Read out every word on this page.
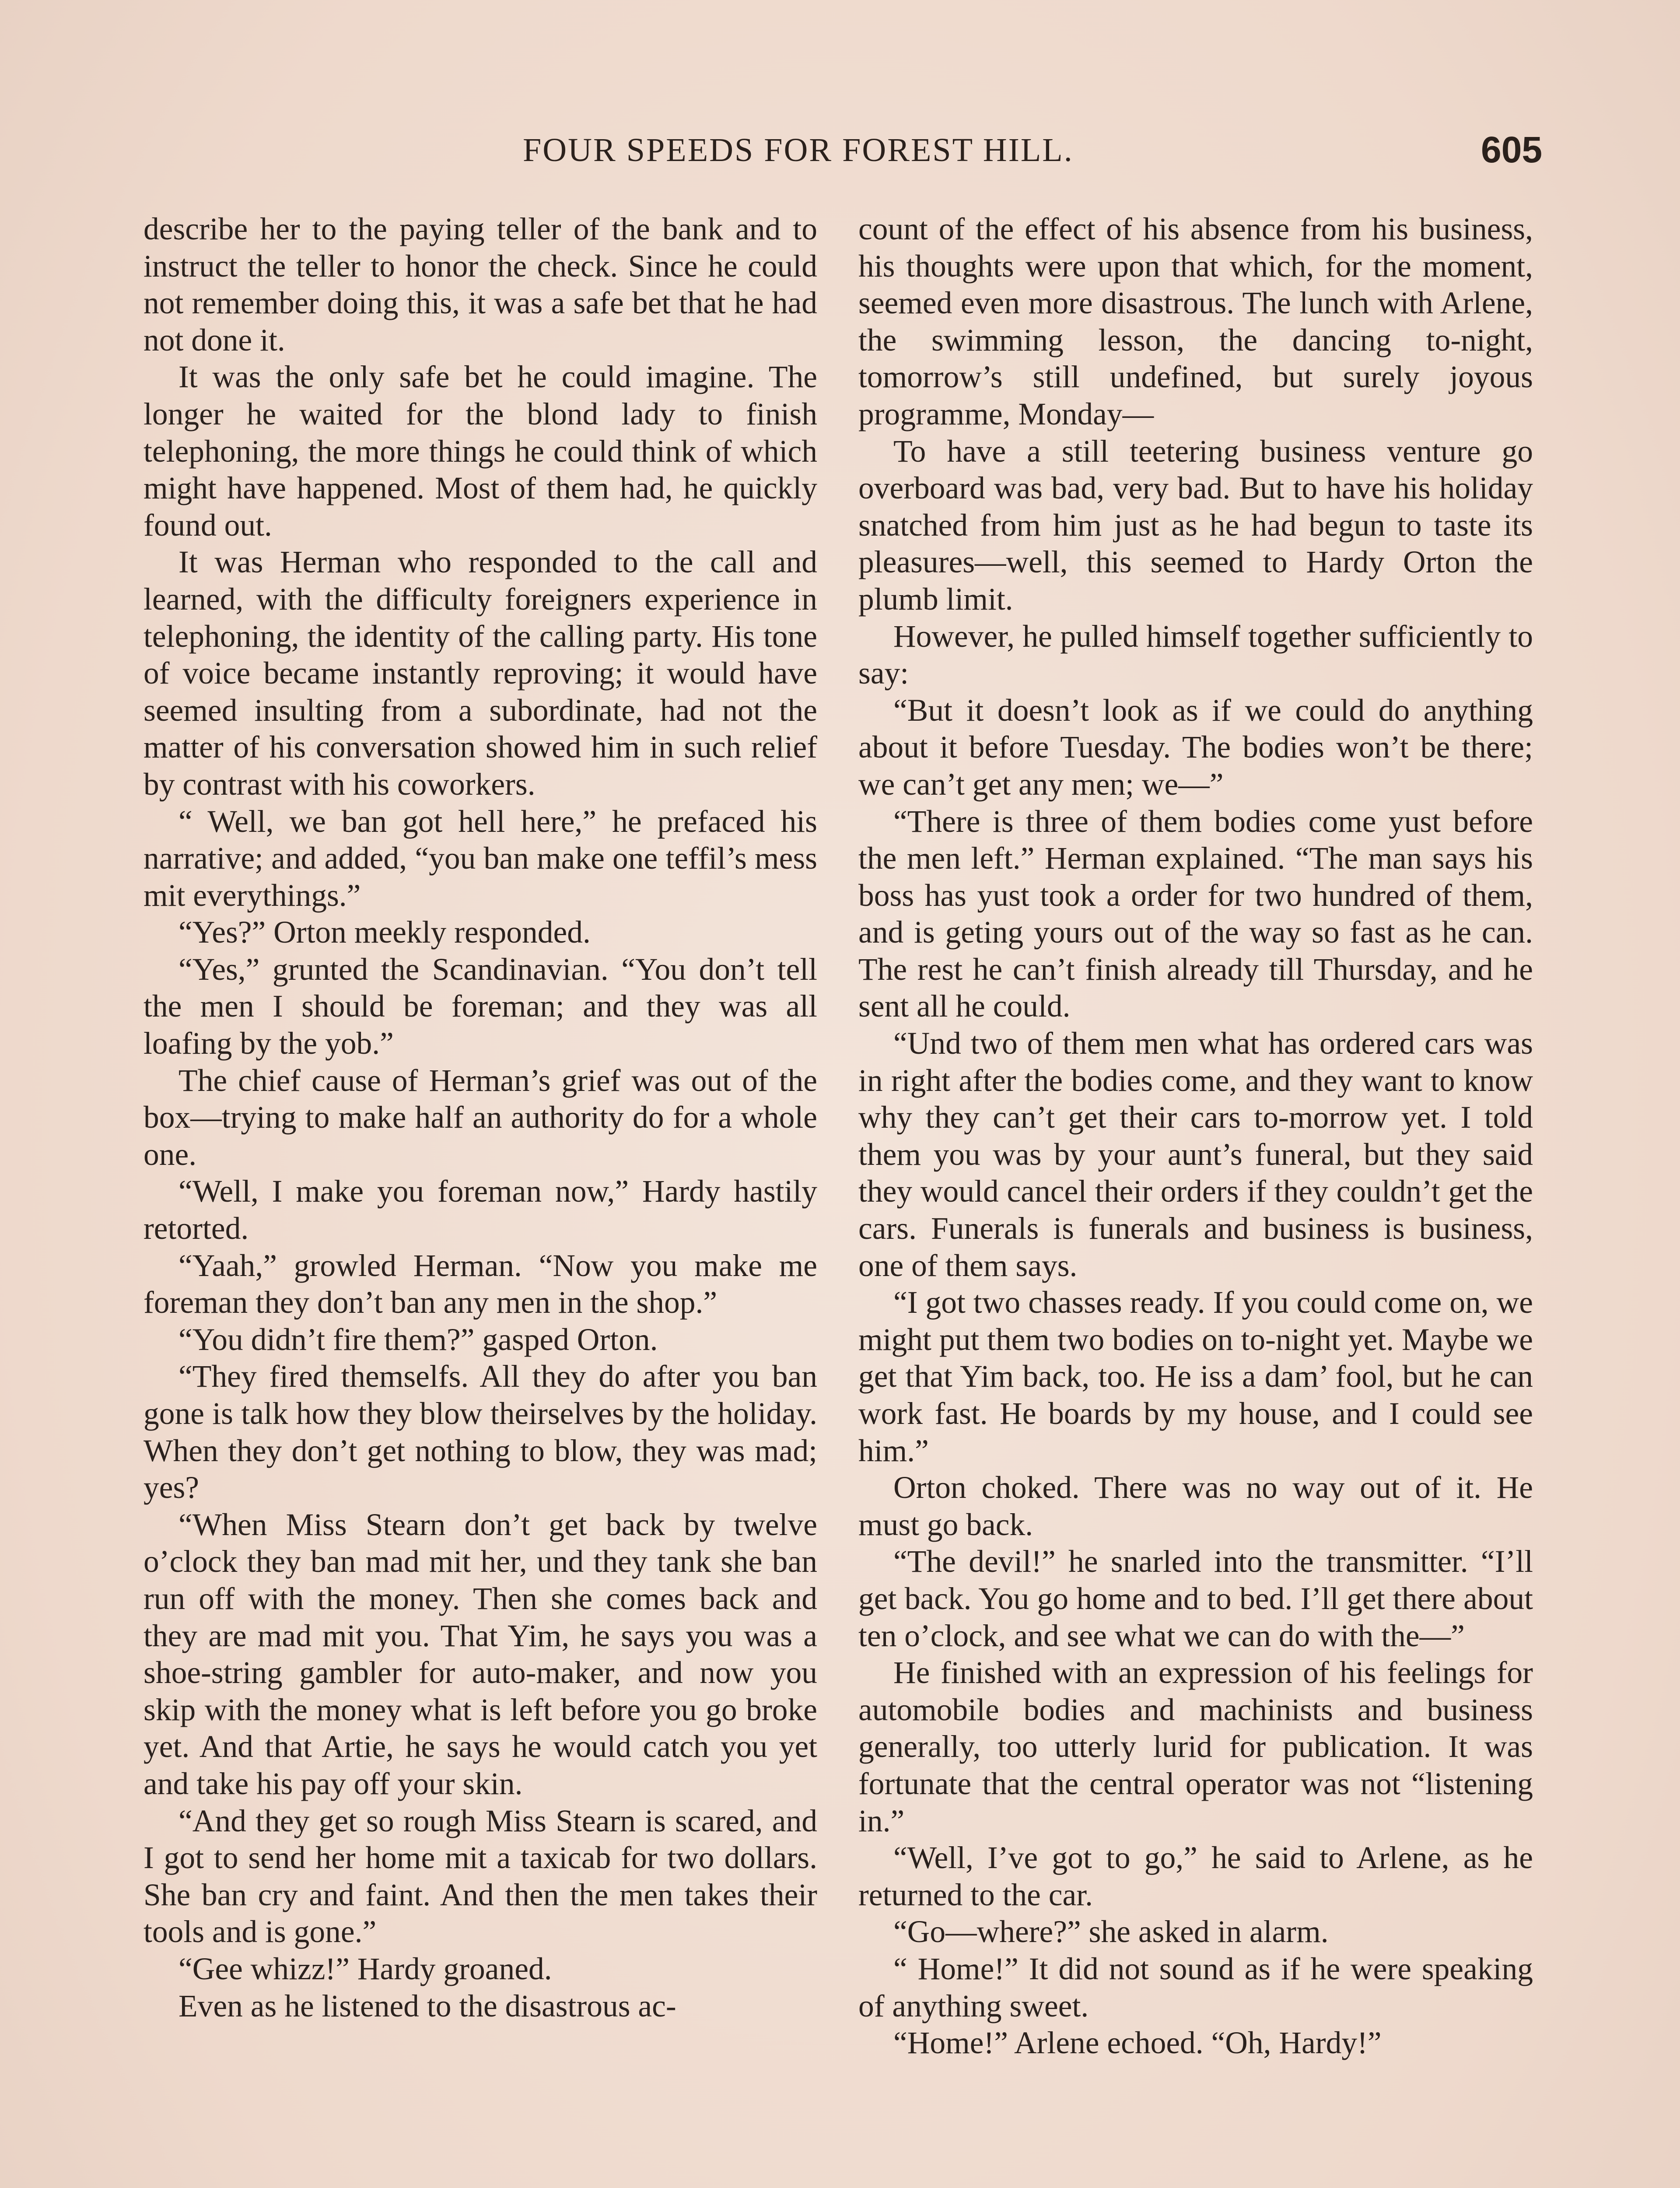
FOUR SPEEDS FOR FOREST HILL.	605

describe her to the paying teller of the bank and to instruct the teller to honor the check. Since he could not remember doing this, it was a safe bet that he had not done it.

It was the only safe bet he could imagine. The longer he waited for the blond lady to finish telephoning, the more things he could think of which might have happened. Most of them had, he quickly found out.

It was Herman who responded to the call and learned, with the difficulty foreigners experience in telephoning, the identity of the calling party. His tone of voice became instantly reproving; it would have seemed insulting from a subordinate, had not the matter of his conversation showed him in such relief by contrast with his coworkers.

“ Well, we ban got hell here,” he prefaced his narrative; and added, “you ban make one teffil’s mess mit everythings.”

“Yes?” Orton meekly responded.

“Yes,” grunted the Scandinavian. “You don’t tell the men I should be foreman; and they was all loafing by the yob.”

The chief cause of Herman’s grief was out of the box—trying to make half an authority do for a whole one.

“Well, I make you foreman now,” Hardy hastily retorted.

“Yaah,” growled Herman. “Now you make me foreman they don’t ban any men in the shop.”

“You didn’t fire them?” gasped Orton.

“They fired themselfs. All they do after you ban gone is talk how they blow theirselves by the holiday. When they don’t get nothing to blow, they was mad; yes?

“When Miss Stearn don’t get back by twelve o’clock they ban mad mit her, und they tank she ban run off with the money. Then she comes back and they are mad mit you. That Yim, he says you was a shoe-string gambler for auto-maker, and now you skip with the money what is left before you go broke yet. And that Artie, he says he would catch you yet and take his pay off your skin.

“And they get so rough Miss Stearn is scared, and I got to send her home mit a taxicab for two dollars. She ban cry and faint. And then the men takes their tools and is gone.”

“Gee whizz!” Hardy groaned.

Even as he listened to the disastrous ac-

count of the effect of his absence from his business, his thoughts were upon that which, for the moment, seemed even more disastrous. The lunch with Arlene, the swimming lesson, the dancing to-night, tomorrow’s still undefined, but surely joyous programme, Monday—

To have a still teetering business venture go overboard was bad, very bad. But to have his holiday snatched from him just as he had begun to taste its pleasures—well, this seemed to Hardy Orton the plumb limit.

However, he pulled himself together sufficiently to say:

“But it doesn’t look as if we could do anything about it before Tuesday. The bodies won’t be there; we can’t get any men; we—”

“There is three of them bodies come yust before the men left.” Herman explained. “The man says his boss has yust took a order for two hundred of them, and is geting yours out of the way so fast as he can. The rest he can’t finish already till Thursday, and he sent all he could.

“Und two of them men what has ordered cars was in right after the bodies come, and they want to know why they can’t get their cars to-morrow yet. I told them you was by your aunt’s funeral, but they said they would cancel their orders if they couldn’t get the cars. Funerals is funerals and business is business, one of them says.

“I got two chasses ready. If you could come on, we might put them two bodies on to-night yet. Maybe we get that Yim back, too. He iss a dam’ fool, but he can work fast. He boards by my house, and I could see him.”

Orton choked. There was no way out of it. He must go back.

“The devil!” he snarled into the transmitter. “I’ll get back. You go home and to bed. I’ll get there about ten o’clock, and see what we can do with the—”

He finished with an expression of his feelings for automobile bodies and machinists and business generally, too utterly lurid for publication. It was fortunate that the central operator was not “listening in.”

“Well, I’ve got to go,” he said to Arlene, as he returned to the car.

“Go—where?” she asked in alarm.

“ Home!” It did not sound as if he were speaking of anything sweet.

“Home!” Arlene echoed. “Oh, Hardy!”
